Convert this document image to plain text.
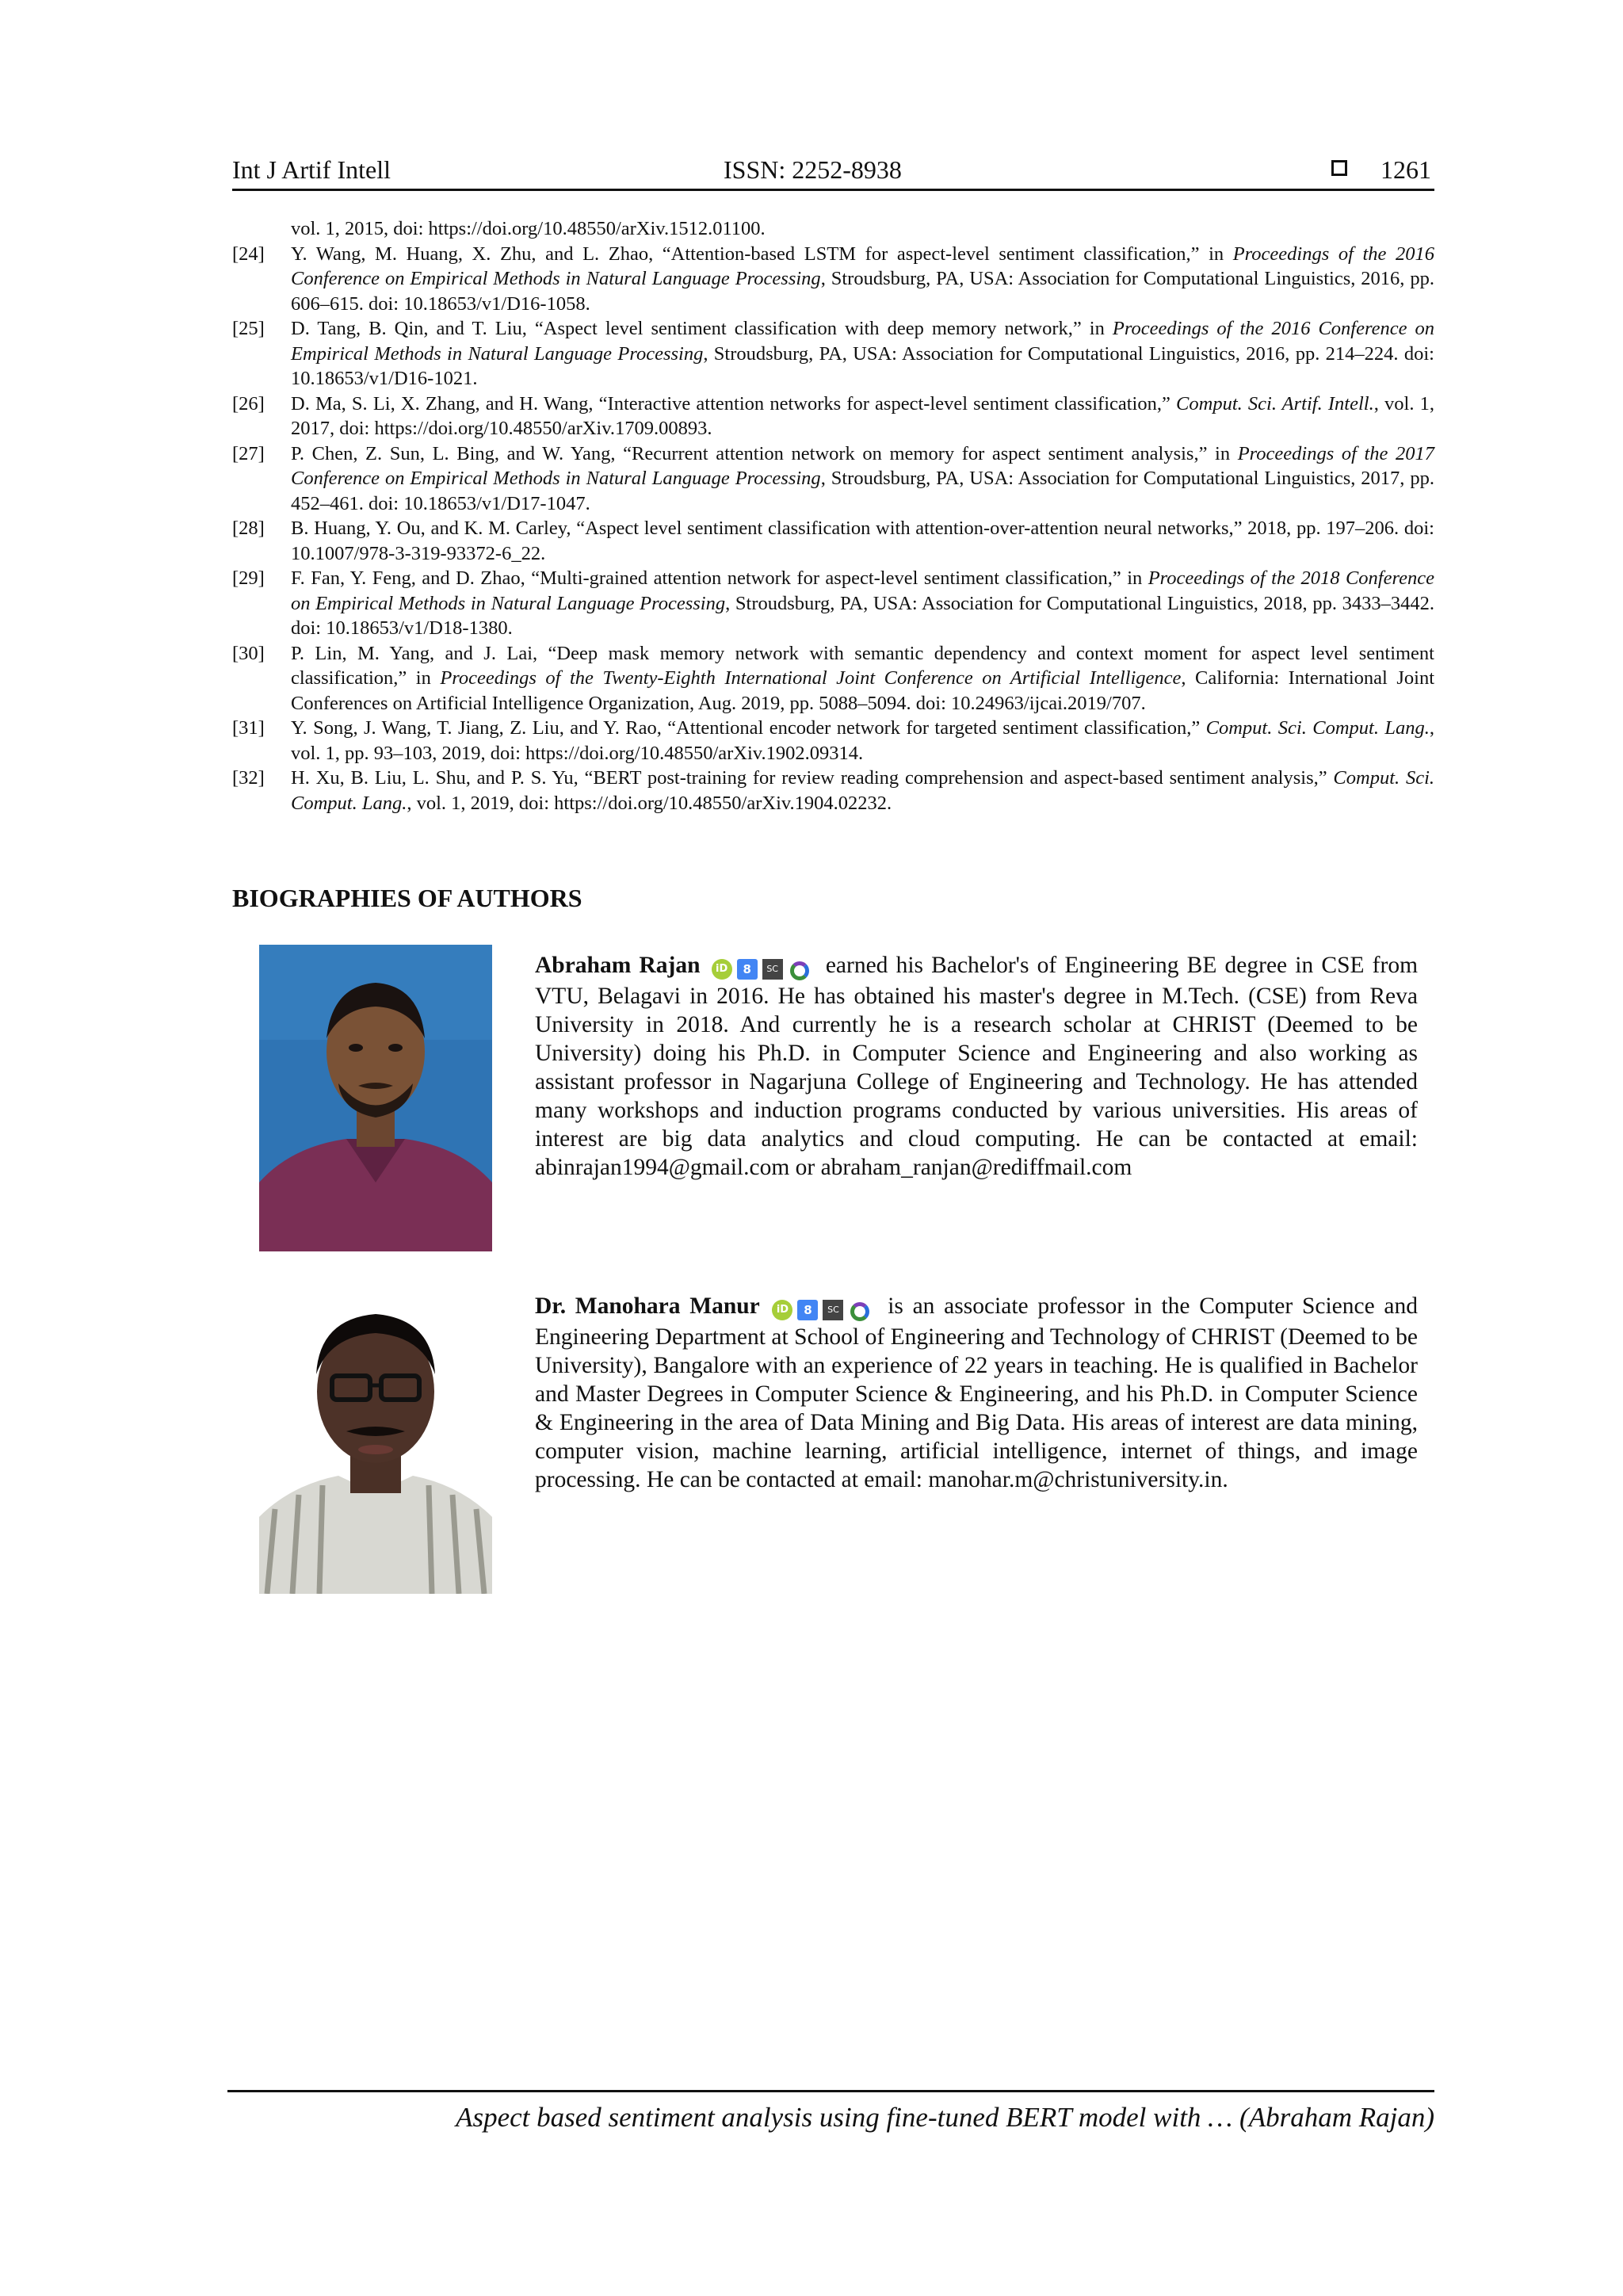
Int J Artif Intell	ISSN: 2252-8938	1261
vol. 1, 2015, doi: https://doi.org/10.48550/arXiv.1512.01100.
[24] Y. Wang, M. Huang, X. Zhu, and L. Zhao, “Attention-based LSTM for aspect-level sentiment classification,” in Proceedings of the 2016 Conference on Empirical Methods in Natural Language Processing, Stroudsburg, PA, USA: Association for Computational Linguistics, 2016, pp. 606–615. doi: 10.18653/v1/D16-1058.
[25] D. Tang, B. Qin, and T. Liu, “Aspect level sentiment classification with deep memory network,” in Proceedings of the 2016 Conference on Empirical Methods in Natural Language Processing, Stroudsburg, PA, USA: Association for Computational Linguistics, 2016, pp. 214–224. doi: 10.18653/v1/D16-1021.
[26] D. Ma, S. Li, X. Zhang, and H. Wang, “Interactive attention networks for aspect-level sentiment classification,” Comput. Sci. Artif. Intell., vol. 1, 2017, doi: https://doi.org/10.48550/arXiv.1709.00893.
[27] P. Chen, Z. Sun, L. Bing, and W. Yang, “Recurrent attention network on memory for aspect sentiment analysis,” in Proceedings of the 2017 Conference on Empirical Methods in Natural Language Processing, Stroudsburg, PA, USA: Association for Computational Linguistics, 2017, pp. 452–461. doi: 10.18653/v1/D17-1047.
[28] B. Huang, Y. Ou, and K. M. Carley, “Aspect level sentiment classification with attention-over-attention neural networks,” 2018, pp. 197–206. doi: 10.1007/978-3-319-93372-6_22.
[29] F. Fan, Y. Feng, and D. Zhao, “Multi-grained attention network for aspect-level sentiment classification,” in Proceedings of the 2018 Conference on Empirical Methods in Natural Language Processing, Stroudsburg, PA, USA: Association for Computational Linguistics, 2018, pp. 3433–3442. doi: 10.18653/v1/D18-1380.
[30] P. Lin, M. Yang, and J. Lai, “Deep mask memory network with semantic dependency and context moment for aspect level sentiment classification,” in Proceedings of the Twenty-Eighth International Joint Conference on Artificial Intelligence, California: International Joint Conferences on Artificial Intelligence Organization, Aug. 2019, pp. 5088–5094. doi: 10.24963/ijcai.2019/707.
[31] Y. Song, J. Wang, T. Jiang, Z. Liu, and Y. Rao, “Attentional encoder network for targeted sentiment classification,” Comput. Sci. Comput. Lang., vol. 1, pp. 93–103, 2019, doi: https://doi.org/10.48550/arXiv.1902.09314.
[32] H. Xu, B. Liu, L. Shu, and P. S. Yu, “BERT post-training for review reading comprehension and aspect-based sentiment analysis,” Comput. Sci. Comput. Lang., vol. 1, 2019, doi: https://doi.org/10.48550/arXiv.1904.02232.
BIOGRAPHIES OF AUTHORS
Abraham Rajan iD 8 SC earned his Bachelor's of Engineering BE degree in CSE from VTU, Belagavi in 2016. He has obtained his master's degree in M.Tech. (CSE) from Reva University in 2018. And currently he is a research scholar at CHRIST (Deemed to be University) doing his Ph.D. in Computer Science and Engineering and also working as assistant professor in Nagarjuna College of Engineering and Technology. He has attended many workshops and induction programs conducted by various universities. His areas of interest are big data analytics and cloud computing. He can be contacted at email: abinrajan1994@gmail.com or abraham_ranjan@rediffmail.com
Dr. Manohara Manur iD 8 SC is an associate professor in the Computer Science and Engineering Department at School of Engineering and Technology of CHRIST (Deemed to be University), Bangalore with an experience of 22 years in teaching. He is qualified in Bachelor and Master Degrees in Computer Science & Engineering, and his Ph.D. in Computer Science & Engineering in the area of Data Mining and Big Data. His areas of interest are data mining, computer vision, machine learning, artificial intelligence, internet of things, and image processing. He can be contacted at email: manohar.m@christuniversity.in.
Aspect based sentiment analysis using fine-tuned BERT model with … (Abraham Rajan)
